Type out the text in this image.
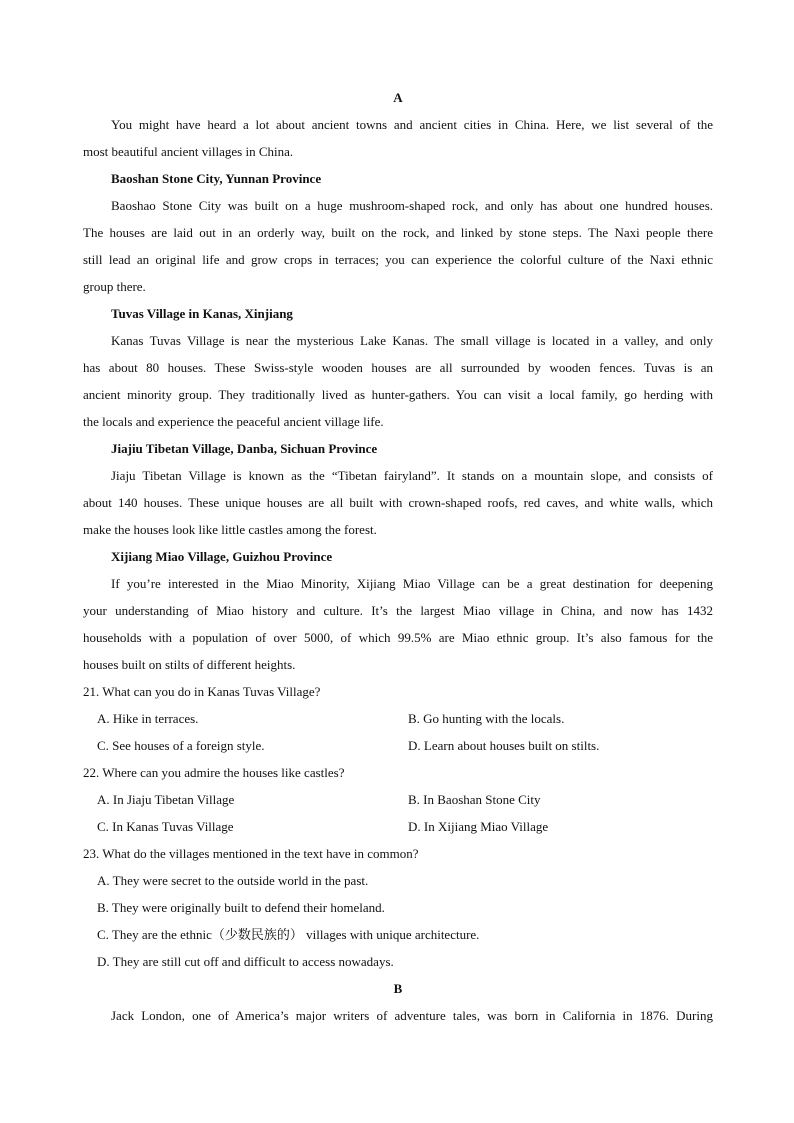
A
You might have heard a lot about ancient towns and ancient cities in China. Here, we list several of the
most beautiful ancient villages in China.
Baoshan Stone City, Yunnan Province
Baoshao Stone City was built on a huge mushroom-shaped rock, and only has about one hundred houses.
The houses are laid out in an orderly way, built on the rock, and linked by stone steps. The Naxi people there
still lead an original life and grow crops in terraces; you can experience the colorful culture of the Naxi ethnic
group there.
Tuvas Village in Kanas, Xinjiang
Kanas Tuvas Village is near the mysterious Lake Kanas. The small village is located in a valley, and only
has about 80 houses. These Swiss-style wooden houses are all surrounded by wooden fences. Tuvas is an
ancient minority group. They traditionally lived as hunter-gathers. You can visit a local family, go herding with
the locals and experience the peaceful ancient village life.
Jiajiu Tibetan Village, Danba, Sichuan Province
Jiaju Tibetan Village is known as the “Tibetan fairyland”. It stands on a mountain slope, and consists of
about 140 houses. These unique houses are all built with crown-shaped roofs, red caves, and white walls, which
make the houses look like little castles among the forest.
Xijiang Miao Village, Guizhou Province
If you’re interested in the Miao Minority, Xijiang Miao Village can be a great destination for deepening
your understanding of Miao history and culture. It’s the largest Miao village in China, and now has 1432
households with a population of over 5000, of which 99.5% are Miao ethnic group. It’s also famous for the
houses built on stilts of different heights.
21. What can you do in Kanas Tuvas Village?
A. Hike in terraces.	B. Go hunting with the locals.
C. See houses of a foreign style.	D. Learn about houses built on stilts.
22. Where can you admire the houses like castles?
A. In Jiaju Tibetan Village	B. In Baoshan Stone City
C. In Kanas Tuvas Village	D. In Xijiang Miao Village
23. What do the villages mentioned in the text have in common?
A. They were secret to the outside world in the past.
B. They were originally built to defend their homeland.
C. They are the ethnic（少数民族的） villages with unique architecture.
D. They are still cut off and difficult to access nowadays.
B
Jack London, one of America’s major writers of adventure tales, was born in California in 1876. During
